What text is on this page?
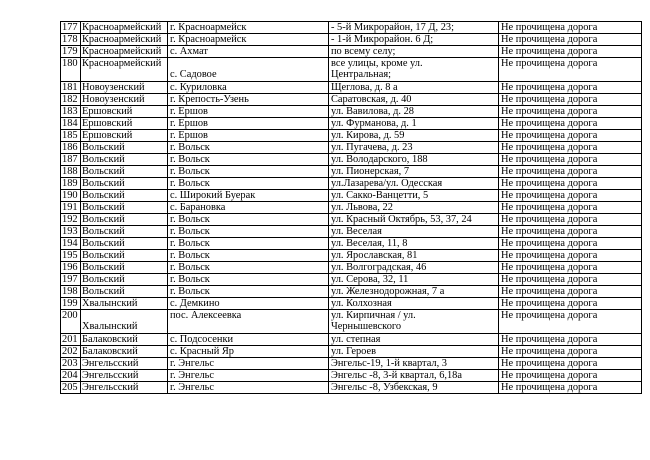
177	Красноармейский	г. Красноармейск	- 5-й Микрорайон, 17 Д, 23;	Не прочищена дорога

178	Красноармейский	г. Красноармейск	- 1-й Микрорайон. 6 Д;	Не прочищена дорога

179	Красноармейский	с. Ахмат	по всему селу;	Не прочищена дорога

180	Красноармейский	с. Садовое	все улицы, кроме ул.
Центральная;	Не прочищена дорога

181	Новоузенский	с. Куриловка	Щеглова, д. 8 а	Не прочищена дорога

182	Новоузенский	г. Крепость-Узень	Саратовская, д. 40	Не прочищена дорога

183	Ершовский	г. Ершов	ул. Вавилова, д. 28	Не прочищена дорога

184	Ершовский	г. Ершов	ул. Фурманова, д. 1	Не прочищена дорога

185	Ершовский	г. Ершов	ул. Кирова, д. 59	Не прочищена дорога

186	Вольский	г. Вольск	ул. Пугачева, д. 23	Не прочищена дорога

187	Вольский	г. Вольск	ул. Володарского, 188	Не прочищена дорога

188	Вольский	г. Вольск	ул. Пионерская, 7	Не прочищена дорога

189	Вольский	г. Вольск	ул.Лазарева/ул. Одесская	Не прочищена дорога

190	Вольский	с. Широкий Буерак	ул. Сакко-Ванцетти, 5	Не прочищена дорога

191	Вольский	с. Барановка	ул. Львова, 22	Не прочищена дорога

192	Вольский	г. Вольск	ул. Красный Октябрь, 53, 37, 24	Не прочищена дорога

193	Вольский	г. Вольск	ул. Веселая	Не прочищена дорога

194	Вольский	г. Вольск	ул. Веселая, 11, 8	Не прочищена дорога

195	Вольский	г. Вольск	ул. Ярославская, 81	Не прочищена дорога

196	Вольский	г. Вольск	ул. Волгоградская, 46	Не прочищена дорога

197	Вольский	г. Вольск	ул. Серова, 32, 11	Не прочищена дорога

198	Вольский	г. Вольск	ул. Железнодорожная, 7 а	Не прочищена дорога

199	Хвалынский	с. Демкино	ул. Колхозная	Не прочищена дорога

200	Хвалынский	пос. Алексеевка	ул. Кирпичная / ул.
Чернышевского	Не прочищена дорога

201	Балаковский	с. Подсосенки	ул. степная	Не прочищена дорога

202	Балаковский	с. Красный Яр	ул. Героев	Не прочищена дорога

203	Энгельсский	г. Энгельс	Энгельс-19, 1-й квартал, 3	Не прочищена дорога

204	Энгельсский	г. Энгельс	Энгельс -8, 3-й квартал, 6,18а	Не прочищена дорога

205	Энгельсский	г. Энгельс	Энгельс -8, Узбекская, 9	Не прочищена дорога
